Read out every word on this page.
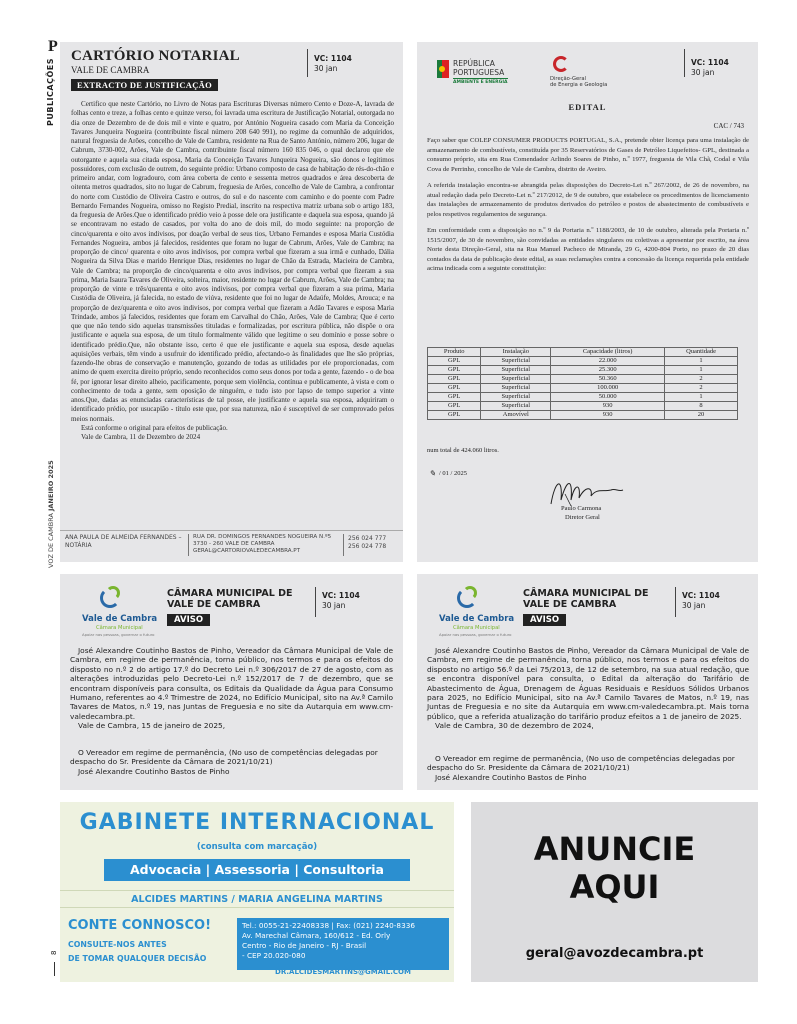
P
PUBLICAÇÕES
VOZ DE CAMBRA JANEIRO 2025
8
CARTÓRIO NOTARIAL
VALE DE CAMBRA
EXTRACTO DE JUSTIFICAÇÃO
VC: 1104
30 jan

Certifico que neste Cartório, no Livro de Notas para Escrituras Diversas número Cento e Doze-A, lavrada de folhas cento e treze, a folhas cento e quinze verso, foi lavrada uma escritura de Justificação Notarial, outorgada no dia onze de Dezembro de de dois mil e vinte e quatro, por António Nogueira casado com Maria da Conceição Tavares Junqueira Nogueira (contribuinte fiscal número 208 640 991), no regime da comunhão de adquiridos, natural freguesia de Arões, concelho de Vale de Cambra, residente na Rua de Santo António, número 206, lugar de Cabrum, 3730-002, Arões, Vale de Cambra, contribuinte fiscal número 160 835 046, o qual declarou que ele outorgante e aquela sua citada esposa, Maria da Conceição Tavares Junqueira Nogueira, são donos e legítimos possuidores, com exclusão de outrem, do seguinte prédio: Urbano composto de casa de habitação de rés-do-chão e primeiro andar, com logradouro, com área coberta de cento e sessenta metros quadrados e área descoberta de oitenta metros quadrados, sito no lugar de Cabrum, freguesia de Arões, concelho de Vale de Cambra, a confrontar do norte com Custódio de Oliveira Castro e outros, do sul e do nascente com caminho e do poente com Padre Bernardo Fernandes Nogueira, omisso no Registo Predial, inscrito na respectiva matriz urbana sob o artigo 183, da freguesia de Arões.Que o identificado prédio veio à posse dele ora justificante e daquela sua esposa, quando já se encontravam no estado de casados, por volta do ano de dois mil, do modo seguinte: na proporção de cinco/quarenta e oito avos indivisos, por doação verbal de seus tios, Urbano Fernandes e esposa Maria Custódia Fernandes Nogueira, ambos já falecidos, residentes que foram no lugar de Cabrum, Arões, Vale de Cambra; na proporção de cinco/ quarenta e oito avos indivisos, por compra verbal que fizeram a sua irmã e cunhado, Dália Nogueira da Silva Dias e marido Henrique Dias, residentes no lugar de Chão da Estrada, Macieira de Cambra, Vale de Cambra; na proporção de cinco/quarenta e oito avos indivisos, por compra verbal que fizeram a sua prima, Maria Isaura Tavares de Oliveira, solteira, maior, residente no lugar de Cabrum, Arões, Vale de Cambra; na proporção de vinte e três/quarenta e oito avos indivisos, por compra verbal que fizeram a sua prima, Maria Custódia de Oliveira, já falecida, no estado de viúva, residente que foi no lugar de Adaúfe, Moldes, Arouca; e na proporção de dez/quarenta e oito avos indivisos, por compra verbal que fizeram a Adão Tavares e esposa Maria Trindade, ambos já falecidos, residentes que foram em Carvalhal do Chão, Arões, Vale de Cambra; Que é certo que que não tendo sido aquelas transmissões tituladas e formalizadas, por escritura pública, não dispõe o ora justificante e aquela sua esposa, de um título formalmente válido que legitime o seu domínio e posse sobre o identificado prédio.Que, não obstante isso, certo é que ele justificante e aquela sua esposa, desde aquelas aquisições verbais, têm vindo a usufruir do identificado prédio, afectando-o às finalidades que lhe são próprias, fazendo-lhe obras de conservação e manutenção, gozando de todas as utilidades por ele proporcionadas, com animo de quem exercita direito próprio, sendo reconhecidos como seus donos por toda a gente, fazendo - o de boa fé, por ignorar lesar direito alheio, pacificamente, porque sem violência, contínua e publicamente, à vista e com o conhecimento de toda a gente, sem oposição de ninguém, e tudo isto por lapso de tempo superior a vinte anos.Que, dadas as enunciadas características de tal posse, ele justificante e aquela sua esposa, adquiriram o identificado prédio, por usucapião - título este que, por sua natureza, não é susceptível de ser comprovado pelos meios normais.

Está conforme o original para efeitos de publicação.

Vale de Cambra, 11 de Dezembro de 2024

ANA PAULA DE ALMEIDA FERNANDES – NOTÁRIA
RUA DR. DOMINGOS FERNANDES NOGUEIRA N.º5
3730 - 260 VALE DE CAMBRA
GERAL@CARTORIOVALEDECAMBRA.PT
256 024 777
256 024 778
REPÚBLICA
PORTUGUESA
AMBIENTE E ENERGIA
Direção-Geral
de Energia e Geologia
VC: 1104
30 jan
EDITAL
CAC / 743

Faço saber que COLEP CONSUMER PRODUCTS PORTUGAL, S.A., pretende obter licença para uma instalação de armazenamento de combustíveis, constituída por 35 Reservatórios de Gases de Petróleo Liquefeitos- GPL, destinada a consumo próprio, sita em Rua Comendador Arlindo Soares de Pinho, n.º 1977, freguesia de Vila Chã, Codal e Vila Cova de Perrinho, concelho de Vale de Cambra, distrito de Aveiro.

A referida instalação encontra-se abrangida pelas disposições do Decreto-Lei n.º 267/2002, de 26 de novembro, na atual redação dada pelo Decreto-Lei n.º 217/2012, de 9 de outubro, que estabelece os procedimentos de licenciamento das instalações de armazenamento de produtos derivados do petróleo e postos de abastecimento de combustíveis e pelos respetivos regulamentos de segurança.

Em conformidade com a disposição no n.º 9 da Portaria n.º 1188/2003, de 10 de outubro, alterada pela Portaria n.º 1515/2007, de 30 de novembro, são convidadas as entidades singulares ou coletivas a apresentar por escrito, na área Norte desta Direção-Geral, sita na Rua Manuel Pacheco de Miranda, 29 G, 4200-804 Porto, no prazo de 20 dias contados da data de publicação deste edital, as suas reclamações contra a concessão da licença requerida pela entidade acima indicada com a seguinte constituição:

Produto	Instalação	Capacidade (litros)	Quantidade
GPL	Superficial	22.000	1
GPL	Superficial	25.300	1
GPL	Superficial	50.360	2
GPL	Superficial	100.000	2
GPL	Superficial	50.000	1
GPL	Superficial	930	8
GPL	Amovível	930	20
num total de 424.060 litros.
✎ / 01 / 2025
Paulo Carmona
Diretor Geral
Vale de Cambra
Câmara Municipal
Apoiar nas pessoas, governar o futuro
CÂMARA MUNICIPAL DE
VALE DE CAMBRA
AVISO
VC: 1104
30 jan

José Alexandre Coutinho Bastos de Pinho, Vereador da Câmara Municipal de Vale de Cambra, em regime de permanência, torna público, nos termos e para os efeitos do disposto no n.º 2 do artigo 17.º do Decreto Lei n.º 306/2017 de 27 de agosto, com as alterações introduzidas pelo Decreto-Lei n.º 152/2017 de 7 de dezembro, que se encontram disponíveis para consulta, os Editais da Qualidade da Água para Consumo Humano, referentes ao 4.º Trimestre de 2024, no Edifício Municipal, sito na Av.ª Camilo Tavares de Matos, n.º 19, nas Juntas de Freguesia e no site da Autarquia em www.cm-valedecambra.pt.

Vale de Cambra, 15 de janeiro de 2025,

O Vereador em regime de permanência, (No uso de competências delegadas por despacho do Sr. Presidente da Câmara de 2021/10/21)

José Alexandre Coutinho Bastos de Pinho

Vale de Cambra
Câmara Municipal
Apoiar nas pessoas, governar o futuro
CÂMARA MUNICIPAL DE
VALE DE CAMBRA
AVISO
VC: 1104
30 jan

José Alexandre Coutinho Bastos de Pinho, Vereador da Câmara Municipal de Vale de Cambra, em regime de permanência, torna público, nos termos e para os efeitos do disposto no artigo 56.º da Lei 75/2013, de 12 de setembro, na sua atual redação, que se encontra disponível para consulta, o Edital da alteração do Tarifário de Abastecimento de Água, Drenagem de Águas Residuais e Resíduos Sólidos Urbanos para 2025, no Edifício Municipal, sito na Av.ª Camilo Tavares de Matos, n.º 19, nas Juntas de Freguesia e no site da Autarquia em www.cm-valedecambra.pt. Mais torna público, que a referida atualização do tarifário produz efeitos a 1 de janeiro de 2025.

Vale de Cambra, 30 de dezembro de 2024,

O Vereador em regime de permanência, (No uso de competências delegadas por despacho do Sr. Presidente da Câmara de 2021/10/21)

José Alexandre Coutinho Bastos de Pinho

GABINETE INTERNACIONAL
(consulta com marcação)
Advocacia | Assessoria | Consultoria
ALCIDES MARTINS / MARIA ANGELINA MARTINS
CONTE CONNOSCO!
CONSULTE-NOS ANTES
DE TOMAR QUALQUER DECISÃO
Tel.: 0055-21-22408338 | Fax: (021) 2240-8336
Av. Marechal Câmara, 160/612 - Ed. Orly
Centro - Rio de Janeiro - RJ - Brasil
- CEP 20.020-080
DR.ALCIDESMARTINS@GMAIL.COM
ANUNCIE
AQUI
geral@avozdecambra.pt
